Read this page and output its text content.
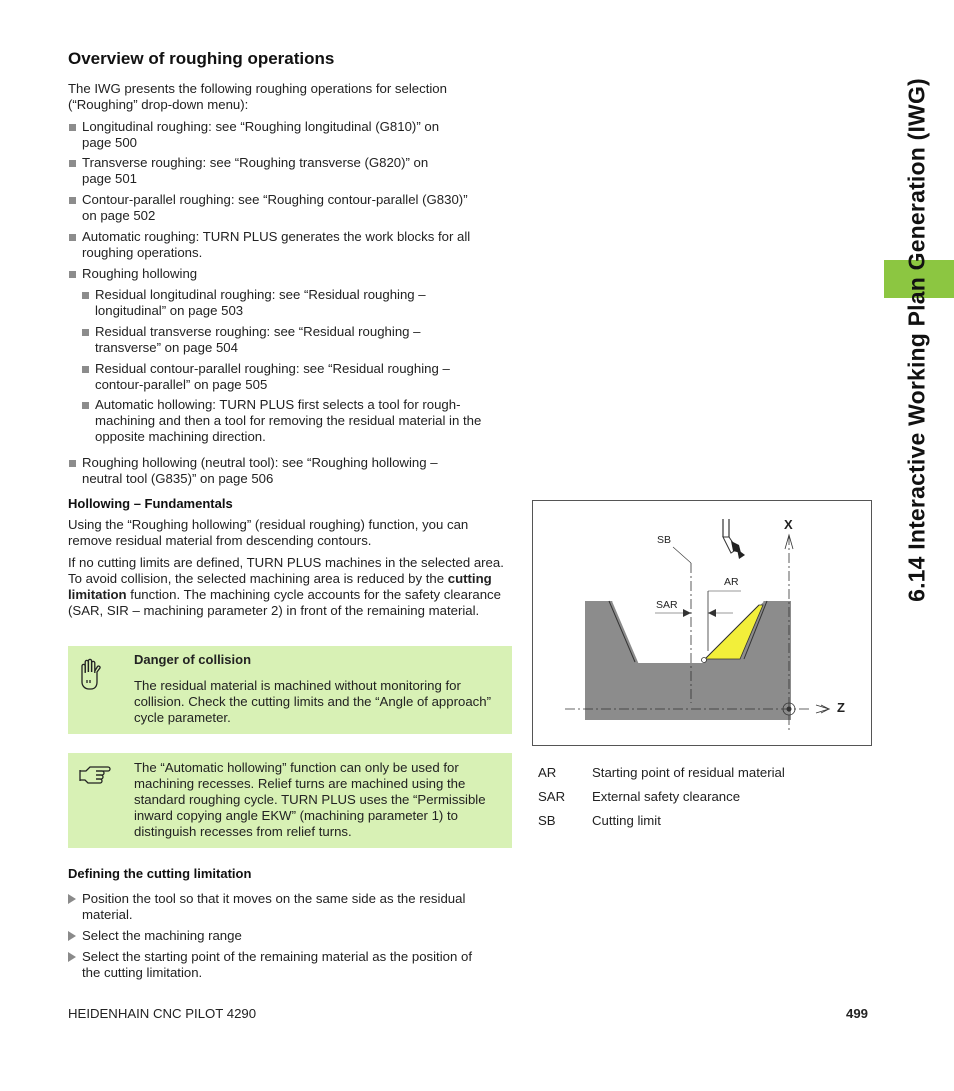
Overview of roughing operations

The IWG presents the following roughing operations for selection (“Roughing” drop-down menu):

Longitudinal roughing: see “Roughing longitudinal (G810)” on
page 500
Transverse roughing: see “Roughing transverse (G820)” on
page 501
Contour-parallel roughing: see “Roughing contour-parallel (G830)”
on page 502
Automatic roughing: TURN PLUS generates the work blocks for all
roughing operations.
Roughing hollowing
Residual longitudinal roughing: see “Residual roughing –
longitudinal” on page 503
Residual transverse roughing: see “Residual roughing –
transverse” on page 504
Residual contour-parallel roughing: see “Residual roughing –
contour-parallel” on page 505
Automatic hollowing: TURN PLUS first selects a tool for rough-
machining and then a tool for removing the residual material in the
opposite machining direction.
Roughing hollowing (neutral tool): see “Roughing hollowing –
neutral tool (G835)” on page 506
Hollowing – Fundamentals

Using the “Roughing hollowing” (residual roughing) function, you can remove residual material from descending contours.

If no cutting limits are defined, TURN PLUS machines in the selected area. To avoid collision, the selected machining area is reduced by the cutting limitation function. The machining cycle accounts for the safety clearance (SAR, SIR – machining parameter 2) in front of the remaining material.

Danger of collision
The residual material is machined without monitoring for collision. Check the cutting limits and the “Angle of approach” cycle parameter.
The “Automatic hollowing” function can only be used for machining recesses. Relief turns are machined using the standard roughing cycle. TURN PLUS uses the “Permissible inward copying angle EKW” (machining parameter 1) to distinguish recesses from relief turns.
Defining the cutting limitation
Position the tool so that it moves on the same side as the residual
material.
Select the machining range
Select the starting point of the remaining material as the position of
the cutting limitation.
X
Z
SB
AR
SAR
AR	Starting point of residual material
SAR External safety clearance
SB	Cutting limit
6.14 Interactive Working Plan Generation (IWG)
HEIDENHAIN CNC PILOT 4290	499
